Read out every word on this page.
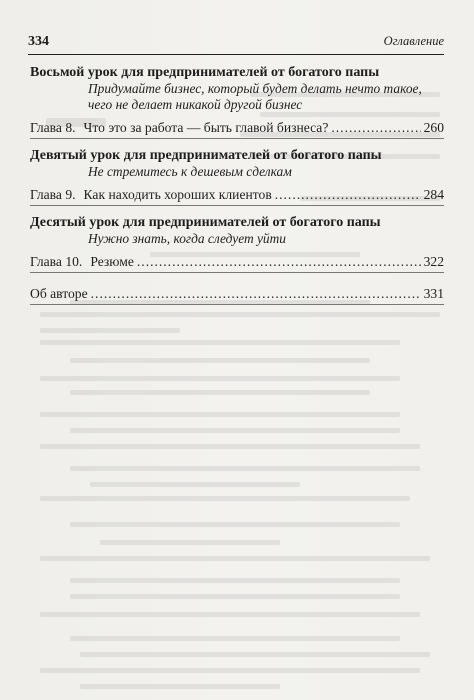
334	Оглавление
Восьмой урок для предпринимателей от богатого папы
Придумайте бизнес, который будет делать нечто такое, чего не делает никакой другой бизнес
Глава 8. Что это за работа — быть главой бизнеса? .....	260
Девятый урок для предпринимателей от богатого папы
Не стремитесь к дешевым сделкам
Глава 9. Как находить хороших клиентов .....	284
Десятый урок для предпринимателей от богатого папы
Нужно знать, когда следует уйти
Глава 10. Резюме .....	322
Об авторе .....	331
